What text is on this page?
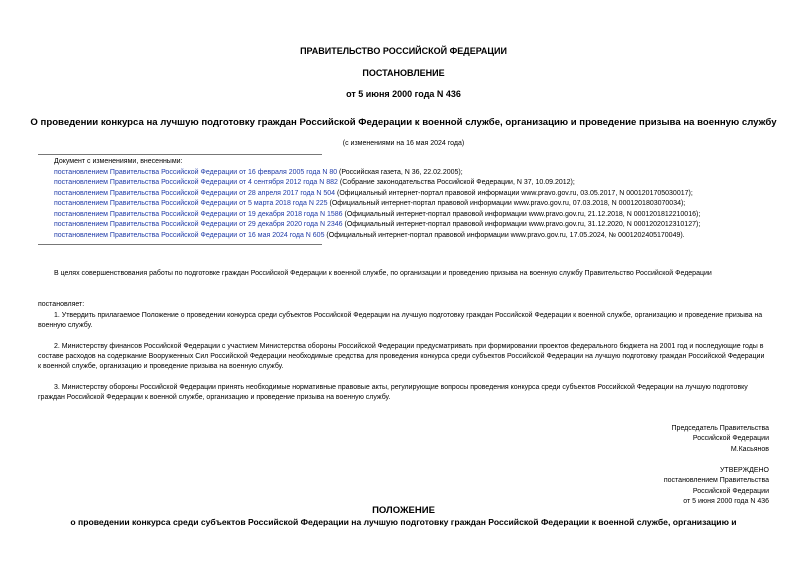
ПРАВИТЕЛЬСТВО РОССИЙСКОЙ ФЕДЕРАЦИИ
ПОСТАНОВЛЕНИЕ
от 5 июня 2000 года N 436
О проведении конкурса на лучшую подготовку граждан Российской Федерации к военной службе, организацию и проведение призыва на военную службу
(с изменениями на 16 мая 2024 года)
Документ с изменениями, внесенными:
постановлением Правительства Российской Федерации от 16 февраля 2005 года N 80 (Российская газета, N 36, 22.02.2005);
постановлением Правительства Российской Федерации от 4 сентября 2012 года N 882 (Собрание законодательства Российской Федерации, N 37, 10.09.2012);
постановлением Правительства Российской Федерации от 28 апреля 2017 года N 504 (Официальный интернет-портал правовой информации www.pravo.gov.ru, 03.05.2017, N 0001201705030017);
постановлением Правительства Российской Федерации от 5 марта 2018 года N 225 (Официальный интернет-портал правовой информации www.pravo.gov.ru, 07.03.2018, N 0001201803070034);
постановлением Правительства Российской Федерации от 19 декабря 2018 года N 1586 (Официальный интернет-портал правовой информации www.pravo.gov.ru, 21.12.2018, N 0001201812210016);
постановлением Правительства Российской Федерации от 29 декабря 2020 года N 2346 (Официальный интернет-портал правовой информации www.pravo.gov.ru, 31.12.2020, N 0001202012310127);
постановлением Правительства Российской Федерации от 16 мая 2024 года N 605 (Официальный интернет-портал правовой информации www.pravo.gov.ru, 17.05.2024, № 0001202405170049).
В целях совершенствования работы по подготовке граждан Российской Федерации к военной службе, по организации и проведению призыва на военную службу Правительство Российской Федерации
постановляет:
1. Утвердить прилагаемое Положение о проведении конкурса среди субъектов Российской Федерации на лучшую подготовку граждан Российской Федерации к военной службе, организацию и проведение призыва на военную службу.
2. Министерству финансов Российской Федерации с участием Министерства обороны Российской Федерации предусматривать при формировании проектов федерального бюджета на 2001 год и последующие годы в составе расходов на содержание Вооруженных Сил Российской Федерации необходимые средства для проведения конкурса среди субъектов Российской Федерации на лучшую подготовку граждан Российской Федерации к военной службе, организацию и проведение призыва на военную службу.
3. Министерству обороны Российской Федерации принять необходимые нормативные правовые акты, регулирующие вопросы проведения конкурса среди субъектов Российской Федерации на лучшую подготовку граждан Российской Федерации к военной службе, организацию и проведение призыва на военную службу.
Председатель Правительства
Российской Федерации
М.Касьянов
УТВЕРЖДЕНО
постановлением Правительства
Российской Федерации
от 5 июня 2000 года N 436
ПОЛОЖЕНИЕ
о проведении конкурса среди субъектов Российской Федерации на лучшую подготовку граждан Российской Федерации к военной службе, организацию и
